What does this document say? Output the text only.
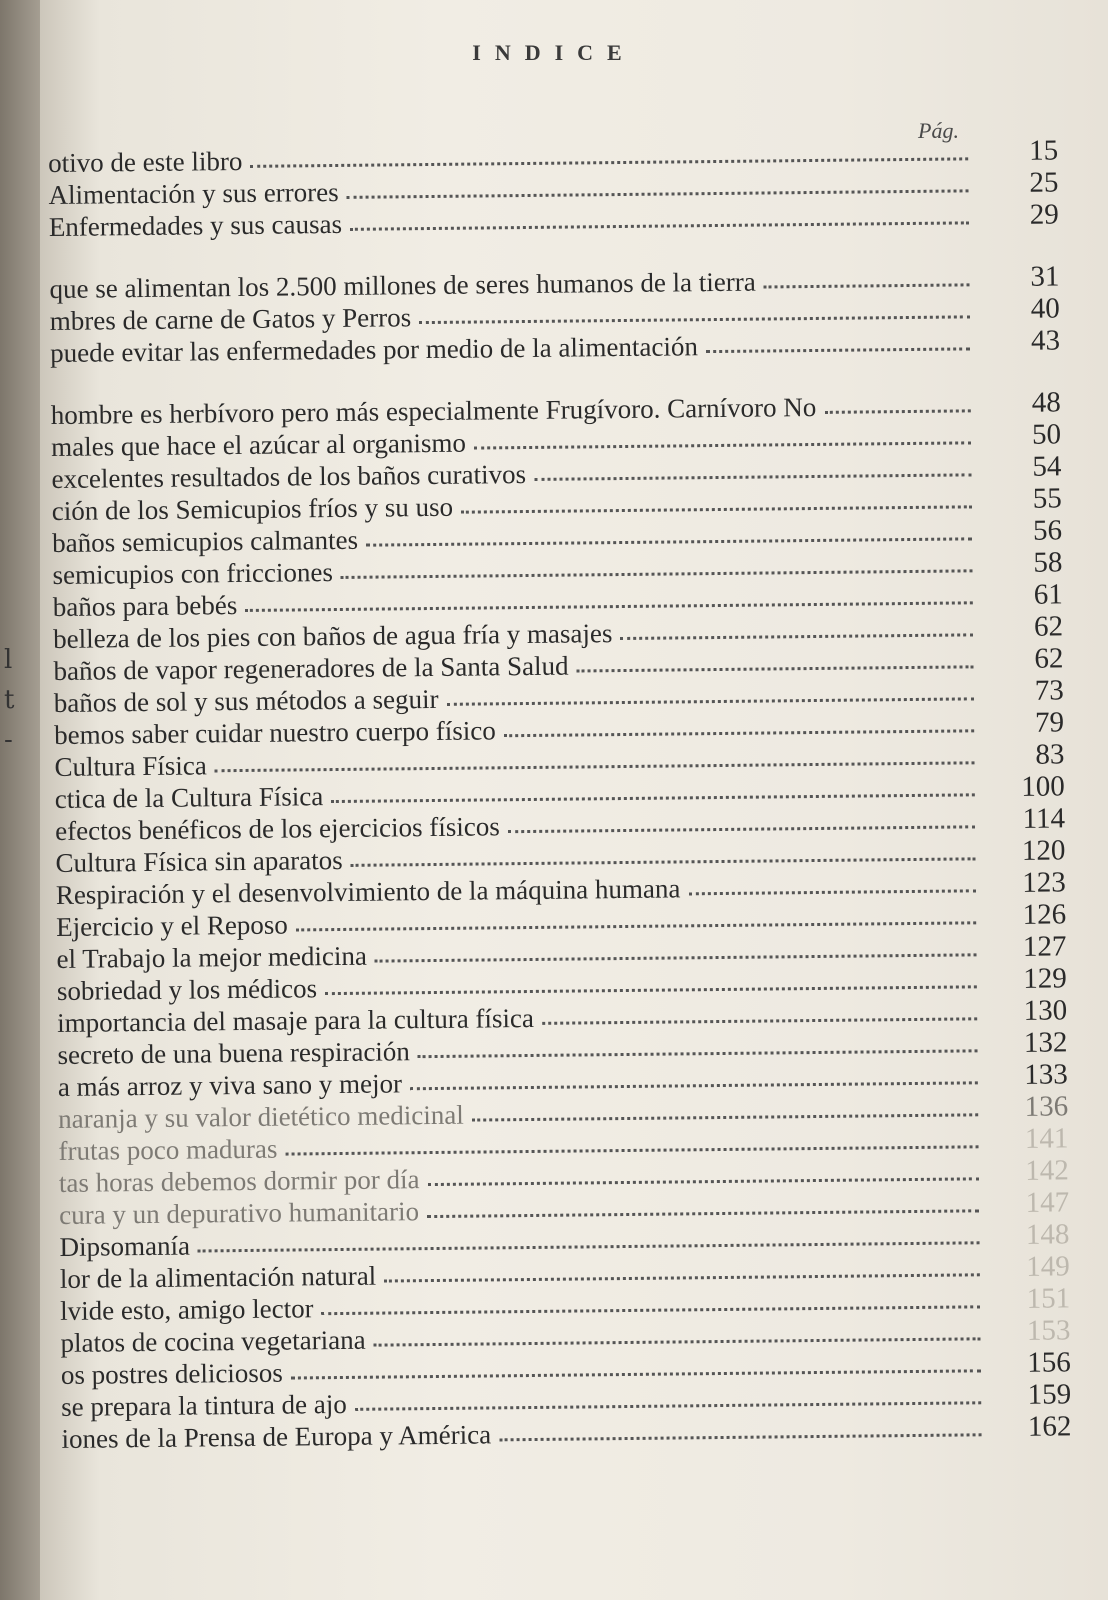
l
t
-
INDICE
Pág.
otivo de este libro	15
Alimentación y sus errores	25
Enfermedades y sus causas	29
que se alimentan los 2.500 millones de seres humanos de la tierra	31
mbres de carne de Gatos y Perros	40
puede evitar las enfermedades por medio de la alimentación	43
hombre es herbívoro pero más especialmente Frugívoro. Carnívoro No	48
males que hace el azúcar al organismo	50
excelentes resultados de los baños curativos	54
ción de los Semicupios fríos y su uso	55
baños semicupios calmantes	56
semicupios con fricciones	58
baños para bebés	61
belleza de los pies con baños de agua fría y masajes	62
baños de vapor regeneradores de la Santa Salud	62
baños de sol y sus métodos a seguir	73
bemos saber cuidar nuestro cuerpo físico	79
Cultura Física	83
ctica de la Cultura Física	100
efectos benéficos de los ejercicios físicos	114
Cultura Física sin aparatos	120
Respiración y el desenvolvimiento de la máquina humana	123
Ejercicio y el Reposo	126
el Trabajo la mejor medicina	127
sobriedad y los médicos	129
importancia del masaje para la cultura física	130
secreto de una buena respiración	132
a más arroz y viva sano y mejor	133
naranja y su valor dietético medicinal	136
frutas poco maduras	141
tas horas debemos dormir por día	142
cura y un depurativo humanitario	147
Dipsomanía	148
lor de la alimentación natural	149
lvide esto, amigo lector	151
platos de cocina vegetariana	153
os postres deliciosos	156
se prepara la tintura de ajo	159
iones de la Prensa de Europa y América	162
